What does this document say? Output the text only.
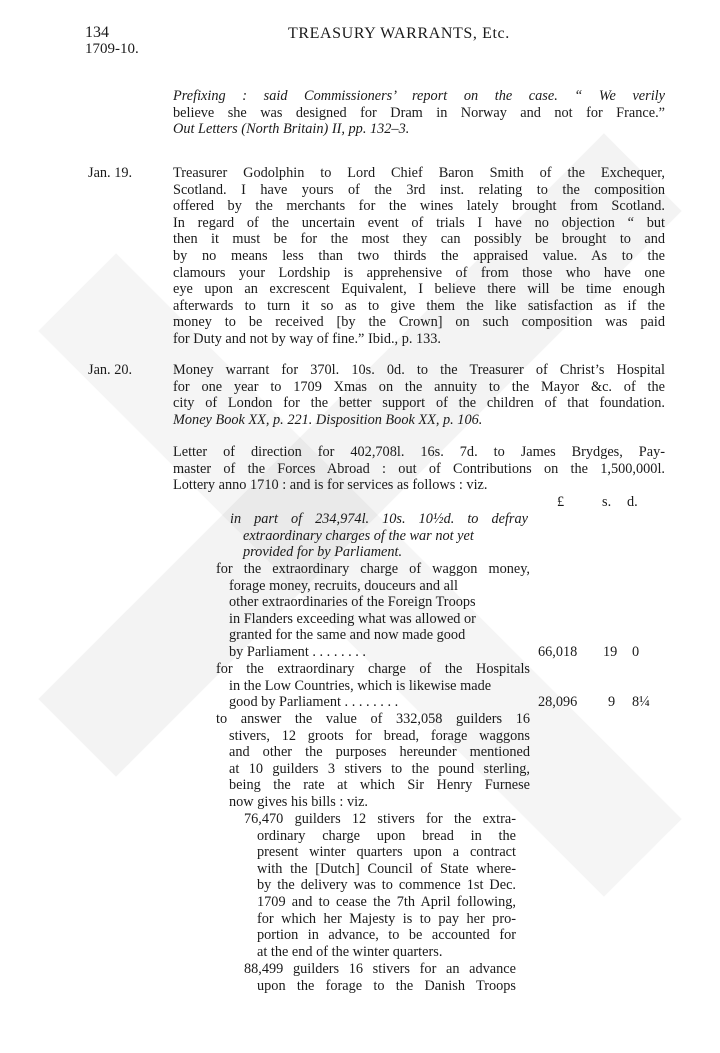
134	TREASURY WARRANTS, Etc.
1709-10.
Prefixing : said Commissioners’ report on the case. “ We verily
believe she was designed for Dram in Norway and not for France.”
Out Letters (North Britain) II, pp. 132–3.
Jan. 19.	Treasurer Godolphin to Lord Chief Baron Smith of the Exchequer,
Scotland. I have yours of the 3rd inst. relating to the composition
offered by the merchants for the wines lately brought from Scotland.
In regard of the uncertain event of trials I have no objection “ but
then it must be for the most they can possibly be brought to and
by no means less than two thirds the appraised value. As to the
clamours your Lordship is apprehensive of from those who have one
eye upon an excrescent Equivalent, I believe there will be time enough
afterwards to turn it so as to give them the like satisfaction as if the
money to be received [by the Crown] on such composition was paid
for Duty and not by way of fine.” Ibid., p. 133.
Jan. 20.	Money warrant for 370l. 10s. 0d. to the Treasurer of Christ’s Hospital
for one year to 1709 Xmas on the annuity to the Mayor &c. of the
city of London for the better support of the children of that foundation.
Money Book XX, p. 221. Disposition Book XX, p. 106.
Letter of direction for 402,708l. 16s. 7d. to James Brydges, Pay-
master of the Forces Abroad : out of Contributions on the 1,500,000l.
Lottery anno 1710 : and is for services as follows : viz.
£	s. d.
in part of 234,974l. 10s. 10½d. to defray
extraordinary charges of the war not yet
provided for by Parliament.
for the extraordinary charge of waggon money,
forage money, recruits, douceurs and all
other extraordinaries of the Foreign Troops
in Flanders exceeding what was allowed or
granted for the same and now made good
by Parliament . . . . . . . .	66,018 19 0
for the extraordinary charge of the Hospitals
in the Low Countries, which is likewise made
good by Parliament . . . . . . . .	28,096 9 8¼
to answer the value of 332,058 guilders 16
stivers, 12 groots for bread, forage waggons
and other the purposes hereunder mentioned
at 10 guilders 3 stivers to the pound sterling,
being the rate at which Sir Henry Furnese
now gives his bills : viz.
76,470 guilders 12 stivers for the extra-
ordinary charge upon bread in the
present winter quarters upon a contract
with the [Dutch] Council of State where-
by the delivery was to commence 1st Dec.
1709 and to cease the 7th April following,
for which her Majesty is to pay her pro-
portion in advance, to be accounted for
at the end of the winter quarters.
88,499 guilders 16 stivers for an advance
upon the forage to the Danish Troops
